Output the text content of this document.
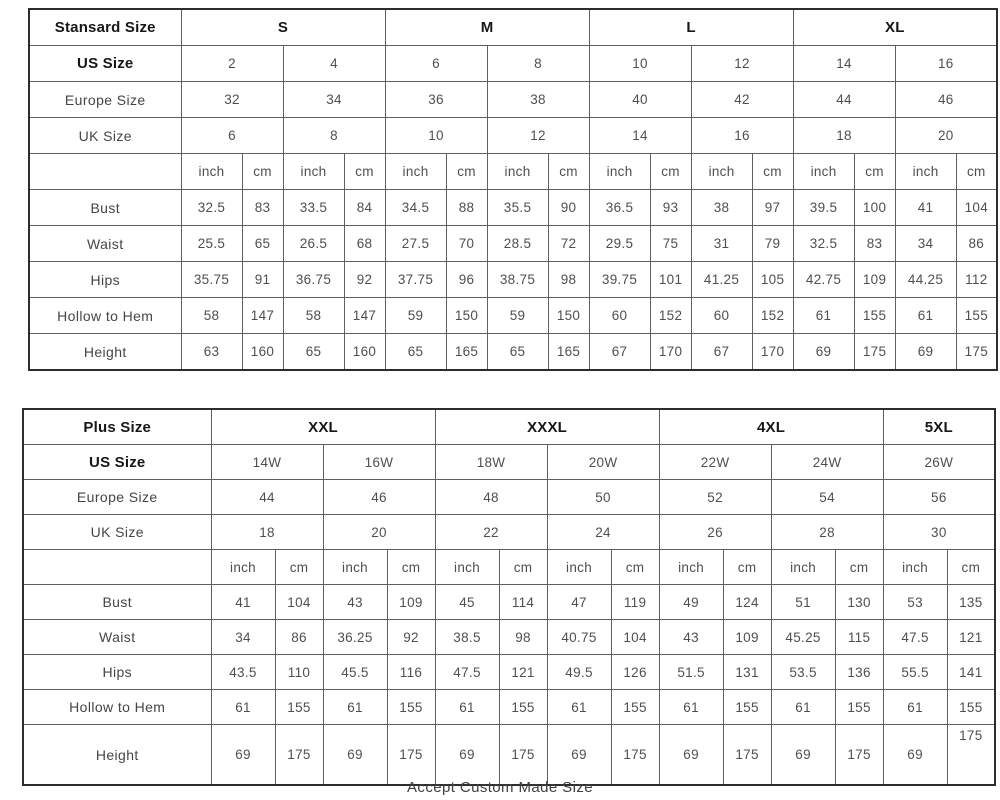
Stansard Size	S				M				L				XL			
US Size	2		4		6		8		10		12		14		16	
Europe Size	32		34		36		38		40		42		44		46	
UK Size	6		8		10		12		14		16		18		20	
	inch	cm	inch	cm	inch	cm	inch	cm	inch	cm	inch	cm	inch	cm	inch	cm
Bust	32.5	83	33.5	84	34.5	88	35.5	90	36.5	93	38	97	39.5	100	41	104
Waist	25.5	65	26.5	68	27.5	70	28.5	72	29.5	75	31	79	32.5	83	34	86
Hips	35.75	91	36.75	92	37.75	96	38.75	98	39.75	101	41.25	105	42.75	109	44.25	112
Hollow to Hem	58	147	58	147	59	150	59	150	60	152	60	152	61	155	61	155
Height	63	160	65	160	65	165	65	165	67	170	67	170	69	175	69	175
Plus Size	XXL				XXXL				4XL				5XL	
US Size	14W		16W		18W		20W		22W		24W		26W	
Europe Size	44		46		48		50		52		54		56	
UK Size	18		20		22		24		26		28		30	
	inch	cm	inch	cm	inch	cm	inch	cm	inch	cm	inch	cm	inch	cm
Bust	41	104	43	109	45	114	47	119	49	124	51	130	53	135
Waist	34	86	36.25	92	38.5	98	40.75	104	43	109	45.25	115	47.5	121
Hips	43.5	110	45.5	116	47.5	121	49.5	126	51.5	131	53.5	136	55.5	141
Hollow to Hem	61	155	61	155	61	155	61	155	61	155	61	155	61	155
Height	69	175	69	175	69	175	69	175	69	175	69	175	69	175
Accept Custom Made Size
